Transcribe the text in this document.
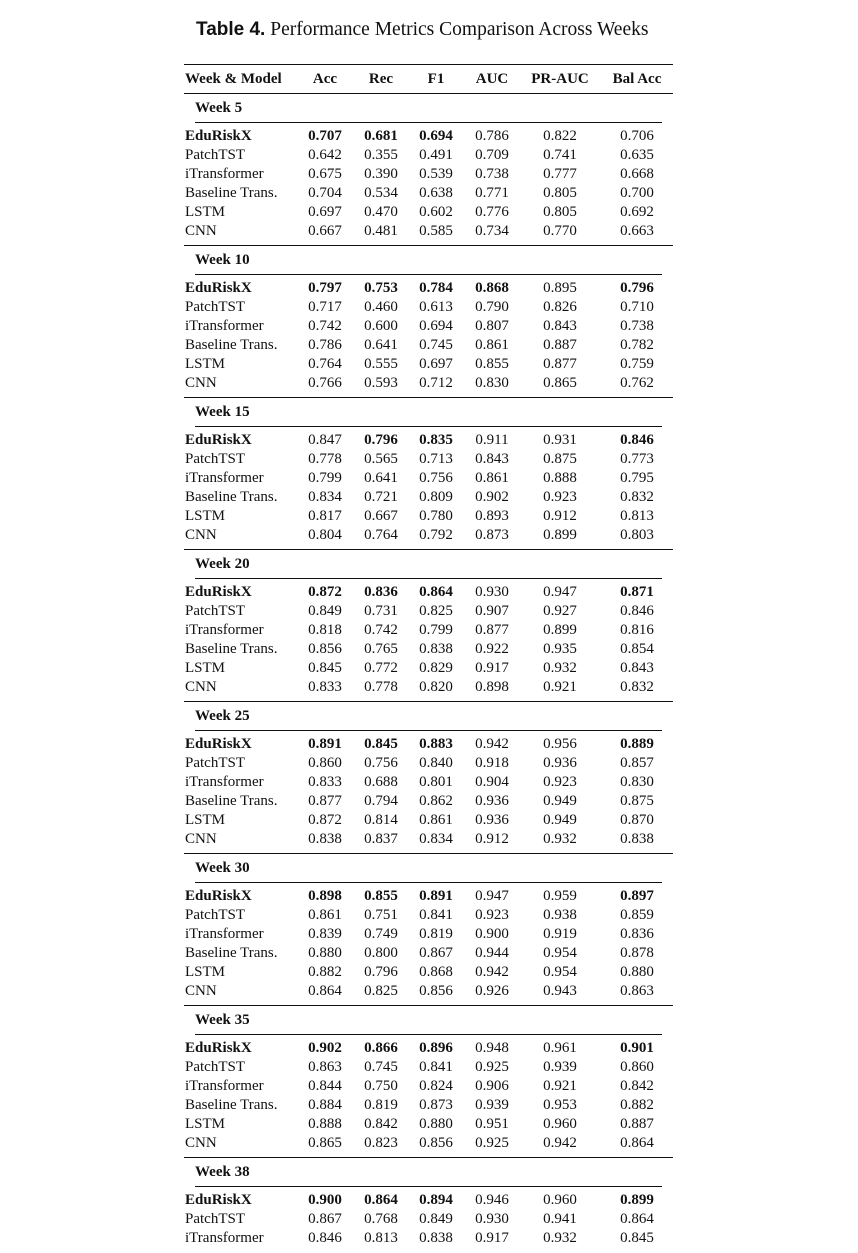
Table 4. Performance Metrics Comparison Across Weeks
Week & Model Acc Rec F1 AUC PR-AUC Bal Acc
Week 5
EduRiskX	0.707 0.681 0.694 0.786 0.822	0.706
PatchTST	0.642 0.355 0.491 0.709 0.741	0.635
iTransformer	0.675 0.390 0.539 0.738 0.777	0.668
Baseline Trans. 0.704 0.534 0.638 0.771 0.805	0.700
LSTM	0.697 0.470 0.602 0.776 0.805	0.692
CNN	0.667 0.481 0.585 0.734 0.770	0.663
Week 10
EduRiskX	0.797 0.753 0.784 0.868 0.895	0.796
PatchTST	0.717 0.460 0.613 0.790 0.826	0.710
iTransformer	0.742 0.600 0.694 0.807 0.843	0.738
Baseline Trans. 0.786 0.641 0.745 0.861 0.887	0.782
LSTM	0.764 0.555 0.697 0.855 0.877	0.759
CNN	0.766 0.593 0.712 0.830 0.865	0.762
Week 15
EduRiskX	0.847 0.796 0.835 0.911 0.931	0.846
PatchTST	0.778 0.565 0.713 0.843 0.875	0.773
iTransformer	0.799 0.641 0.756 0.861 0.888	0.795
Baseline Trans. 0.834 0.721 0.809 0.902 0.923	0.832
LSTM	0.817 0.667 0.780 0.893 0.912	0.813
CNN	0.804 0.764 0.792 0.873 0.899	0.803
Week 20
EduRiskX	0.872 0.836 0.864 0.930 0.947	0.871
PatchTST	0.849 0.731 0.825 0.907 0.927	0.846
iTransformer	0.818 0.742 0.799 0.877 0.899	0.816
Baseline Trans. 0.856 0.765 0.838 0.922 0.935	0.854
LSTM	0.845 0.772 0.829 0.917 0.932	0.843
CNN	0.833 0.778 0.820 0.898 0.921	0.832
Week 25
EduRiskX	0.891 0.845 0.883 0.942 0.956	0.889
PatchTST	0.860 0.756 0.840 0.918 0.936	0.857
iTransformer	0.833 0.688 0.801 0.904 0.923	0.830
Baseline Trans. 0.877 0.794 0.862 0.936 0.949	0.875
LSTM	0.872 0.814 0.861 0.936 0.949	0.870
CNN	0.838 0.837 0.834 0.912 0.932	0.838
Week 30
EduRiskX	0.898 0.855 0.891 0.947 0.959	0.897
PatchTST	0.861 0.751 0.841 0.923 0.938	0.859
iTransformer	0.839 0.749 0.819 0.900 0.919	0.836
Baseline Trans. 0.880 0.800 0.867 0.944 0.954	0.878
LSTM	0.882 0.796 0.868 0.942 0.954	0.880
CNN	0.864 0.825 0.856 0.926 0.943	0.863
Week 35
EduRiskX	0.902 0.866 0.896 0.948 0.961	0.901
PatchTST	0.863 0.745 0.841 0.925 0.939	0.860
iTransformer	0.844 0.750 0.824 0.906 0.921	0.842
Baseline Trans. 0.884 0.819 0.873 0.939 0.953	0.882
LSTM	0.888 0.842 0.880 0.951 0.960	0.887
CNN	0.865 0.823 0.856 0.925 0.942	0.864
Week 38
EduRiskX	0.900 0.864 0.894 0.946 0.960	0.899
PatchTST	0.867 0.768 0.849 0.930 0.941	0.864
iTransformer	0.846 0.813 0.838 0.917 0.932	0.845
